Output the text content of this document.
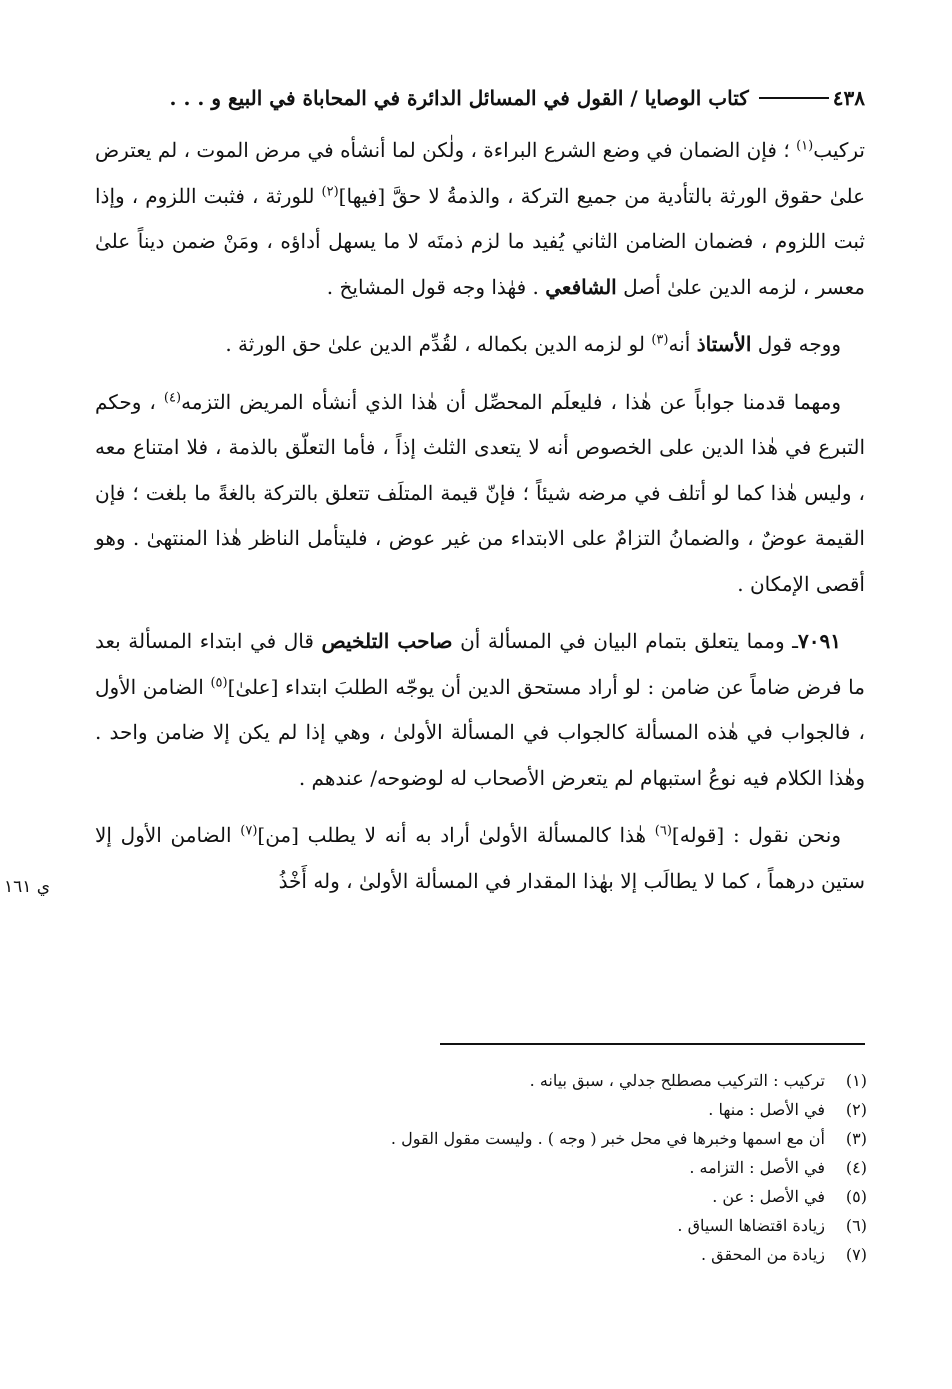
٤٣٨
كتاب الوصايا / القول في المسائل الدائرة في المحاباة في البيع و . . .

تركيب$^{(١)}$ ؛ فإن الضمان في وضع الشرع البراءة ، ولٰكن لما أنشأه في مرض الموت ، لم يعترض علىٰ حقوق الورثة بالتأدية من جميع التركة ، والذمةُ لا حقَّ [فيها]$^{(٢)}$ للورثة ، فثبت اللزوم ، وإذا ثبت اللزوم ، فضمان الضامن الثاني يُفيد ما لزم ذمتَه لا ما يسهل أداؤه ، ومَنْ ضمن ديناً علىٰ معسر ، لزمه الدين علىٰ أصل الشافعي . فهٰذا وجه قول المشايخ .

ووجه قول الأستاذ أنه$^{(٣)}$ لو لزمه الدين بكماله ، لقُدِّم الدين علىٰ حق الورثة .

ومهما قدمنا جواباً عن هٰذا ، فليعلَم المحصِّل أن هٰذا الذي أنشأه المريض التزمه$^{(٤)}$ ، وحكم التبرع في هٰذا الدين على الخصوص أنه لا يتعدى الثلث إذاً ، فأما التعلّق بالذمة ، فلا امتناع معه ، وليس هٰذا كما لو أتلف في مرضه شيئاً ؛ فإنّ قيمة المتلَف تتعلق بالتركة بالغةً ما بلغت ؛ فإن القيمة عوضٌ ، والضمانُ التزامٌ على الابتداء من غير عوض ، فليتأمل الناظر هٰذا المنتهىٰ . وهو أقصى الإمكان .

٧٠٩١ـ ومما يتعلق بتمام البيان في المسألة أن صاحب التلخيص قال في ابتداء المسألة بعد ما فرض ضاماً عن ضامن : لو أراد مستحق الدين أن يوجّه الطلبَ ابتداء [علىٰ]$^{(٥)}$ الضامن الأول ، فالجواب في هٰذه المسألة كالجواب في المسألة الأولىٰ ، وهي إذا لم يكن إلا ضامن واحد . وهٰذا الكلام فيه نوعُ استبهام لم يتعرض الأصحاب له لوضوحه/ عندهم .

ونحن نقول : [قوله]$^{(٦)}$ هٰذا كالمسألة الأولىٰ أراد به أنه لا يطلب [من]$^{(٧)}$ الضامن الأول إلا ستين درهماً ، كما لا يطالَب إلا بهٰذا المقدار في المسألة الأولىٰ ، وله أَخْذُ

ي ١٦١
(١)
تركيب : التركيب مصطلح جدلي ، سبق بيانه .
(٢)
في الأصل : منها .
(٣)
أن مع اسمها وخبرها في محل خبر ( وجه ) . وليست مقول القول .
(٤)
في الأصل : التزامه .
(٥)
في الأصل : عن .
(٦)
زيادة اقتضاها السياق .
(٧)
زيادة من المحقق .
